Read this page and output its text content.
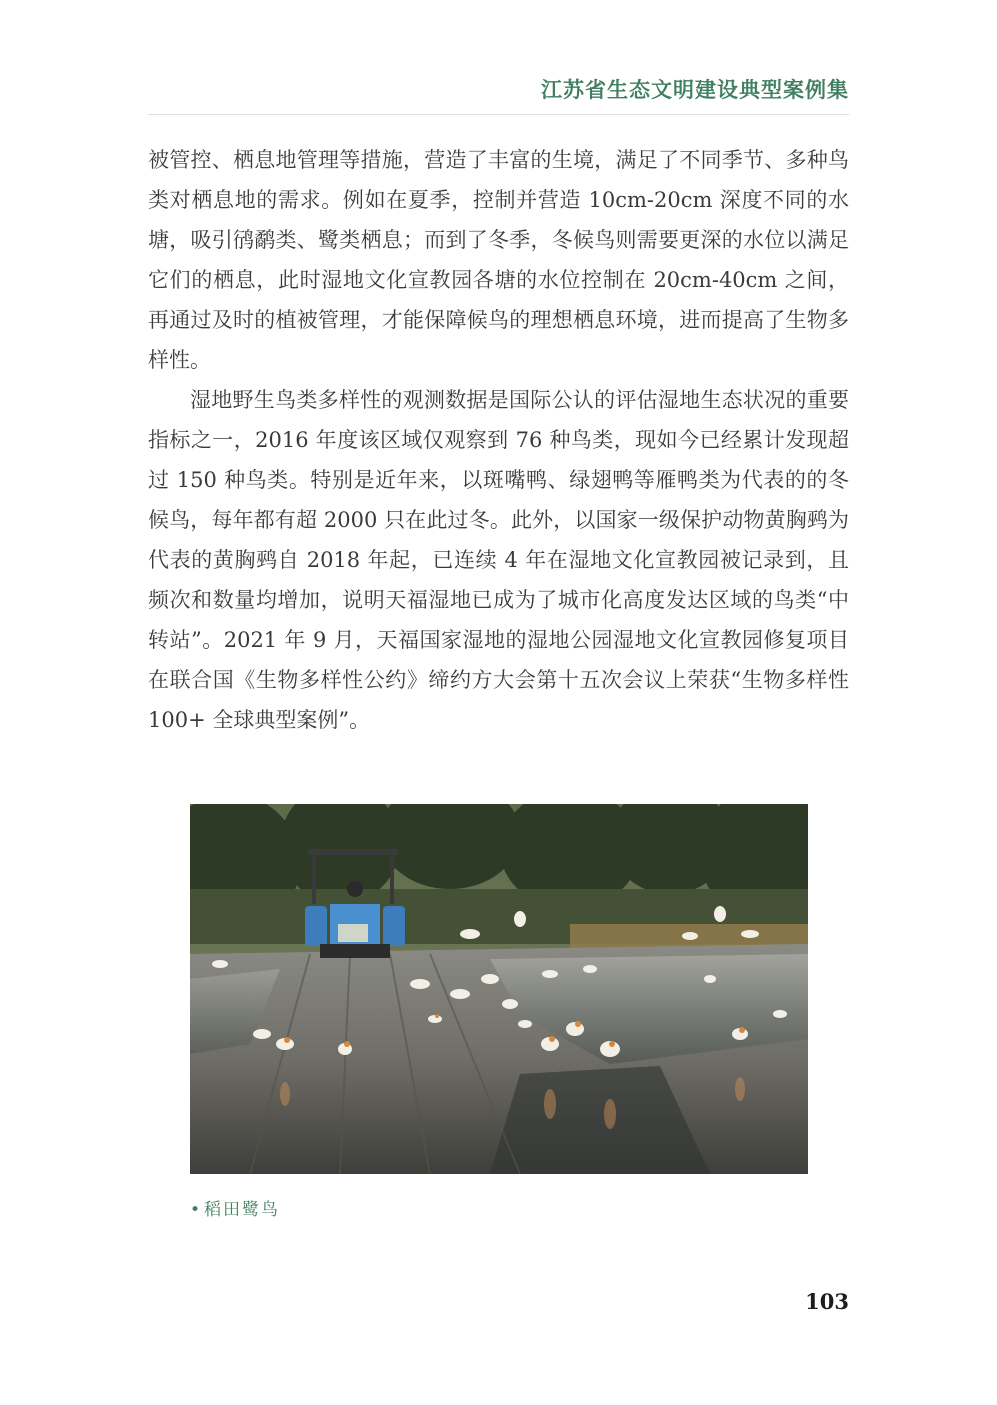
江苏省生态文明建设典型案例集

被管控、栖息地管理等措施，营造了丰富的生境，满足了不同季节、多种鸟类对栖息地的需求。例如在夏季，控制并营造 10cm-20cm 深度不同的水塘，吸引鸻鹬类、鹭类栖息；而到了冬季，冬候鸟则需要更深的水位以满足它们的栖息，此时湿地文化宣教园各塘的水位控制在 20cm-40cm 之间，再通过及时的植被管理，才能保障候鸟的理想栖息环境，进而提高了生物多样性。

湿地野生鸟类多样性的观测数据是国际公认的评估湿地生态状况的重要指标之一，2016 年度该区域仅观察到 76 种鸟类，现如今已经累计发现超过 150 种鸟类。特别是近年来，以斑嘴鸭、绿翅鸭等雁鸭类为代表的的冬候鸟，每年都有超 2000 只在此过冬。此外，以国家一级保护动物黄胸鹀为代表的黄胸鹀自 2018 年起，已连续 4 年在湿地文化宣教园被记录到，且频次和数量均增加，说明天福湿地已成为了城市化高度发达区域的鸟类“中转站”。2021 年 9 月，天福国家湿地的湿地公园湿地文化宣教园修复项目在联合国《生物多样性公约》缔约方大会第十五次会议上荣获“生物多样性 100+ 全球典型案例”。

• 稻田鹭鸟
103
